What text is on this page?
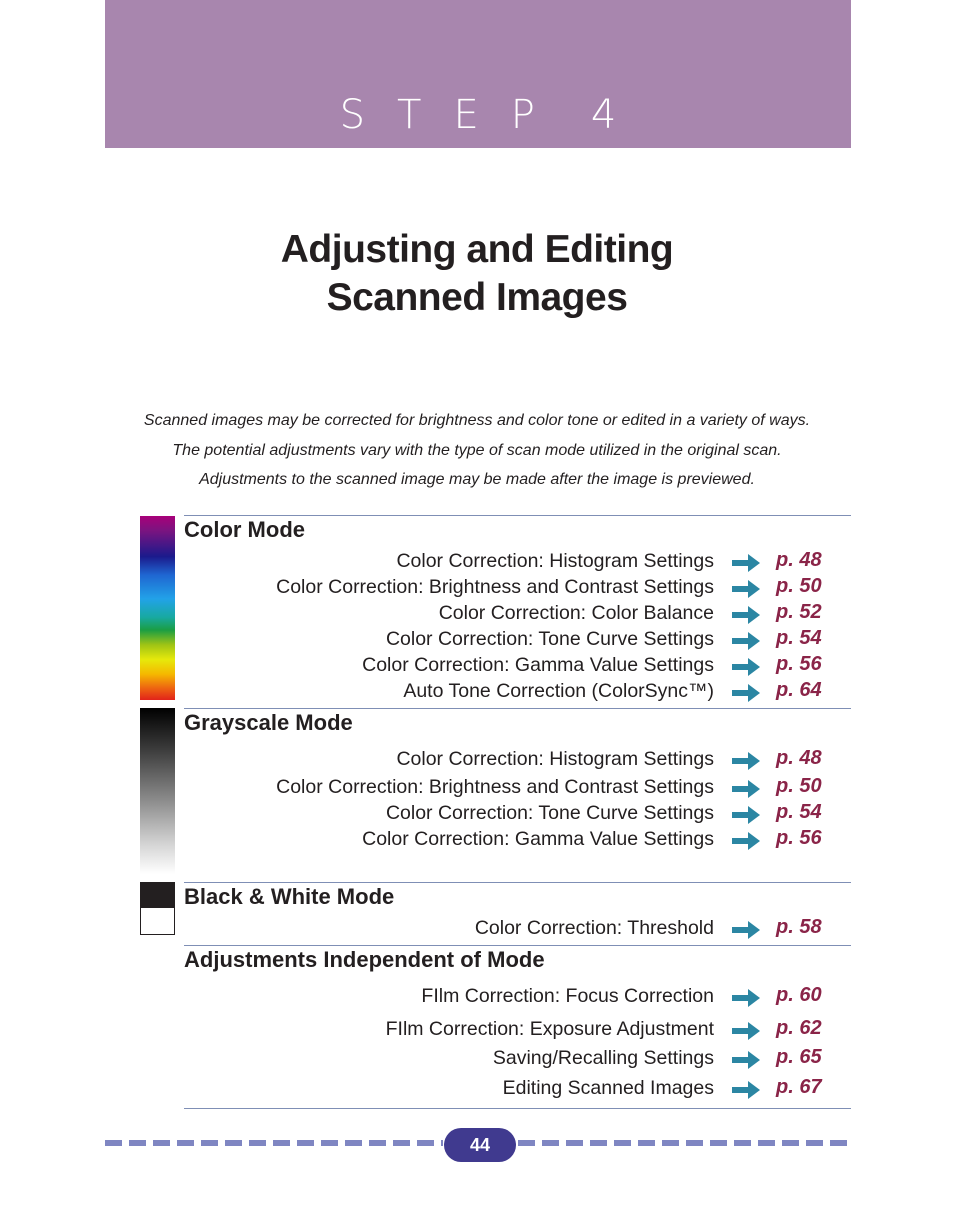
S T E P 4
Adjusting and Editing
Scanned Images
Scanned images may be corrected for brightness and color tone or edited in a variety of ways.
The potential adjustments vary with the type of scan mode utilized in the original scan.
Adjustments to the scanned image may be made after the image is previewed.
Color Mode
Grayscale Mode
Black & White Mode
Adjustments Independent of Mode
Color Correction: Histogram Settings	p. 48
Color Correction: Brightness and Contrast Settings	p. 50
Color Correction: Color Balance	p. 52
Color Correction: Tone Curve Settings	p. 54
Color Correction: Gamma Value Settings	p. 56
Auto Tone Correction (ColorSync™)	p. 64
Color Correction: Histogram Settings	p. 48
Color Correction: Brightness and Contrast Settings	p. 50
Color Correction: Tone Curve Settings	p. 54
Color Correction: Gamma Value Settings	p. 56
Color Correction: Threshold	p. 58
FIlm Correction: Focus Correction	p. 60
FIlm Correction: Exposure Adjustment	p. 62
Saving/Recalling Settings	p. 65
Editing Scanned Images	p. 67
44
